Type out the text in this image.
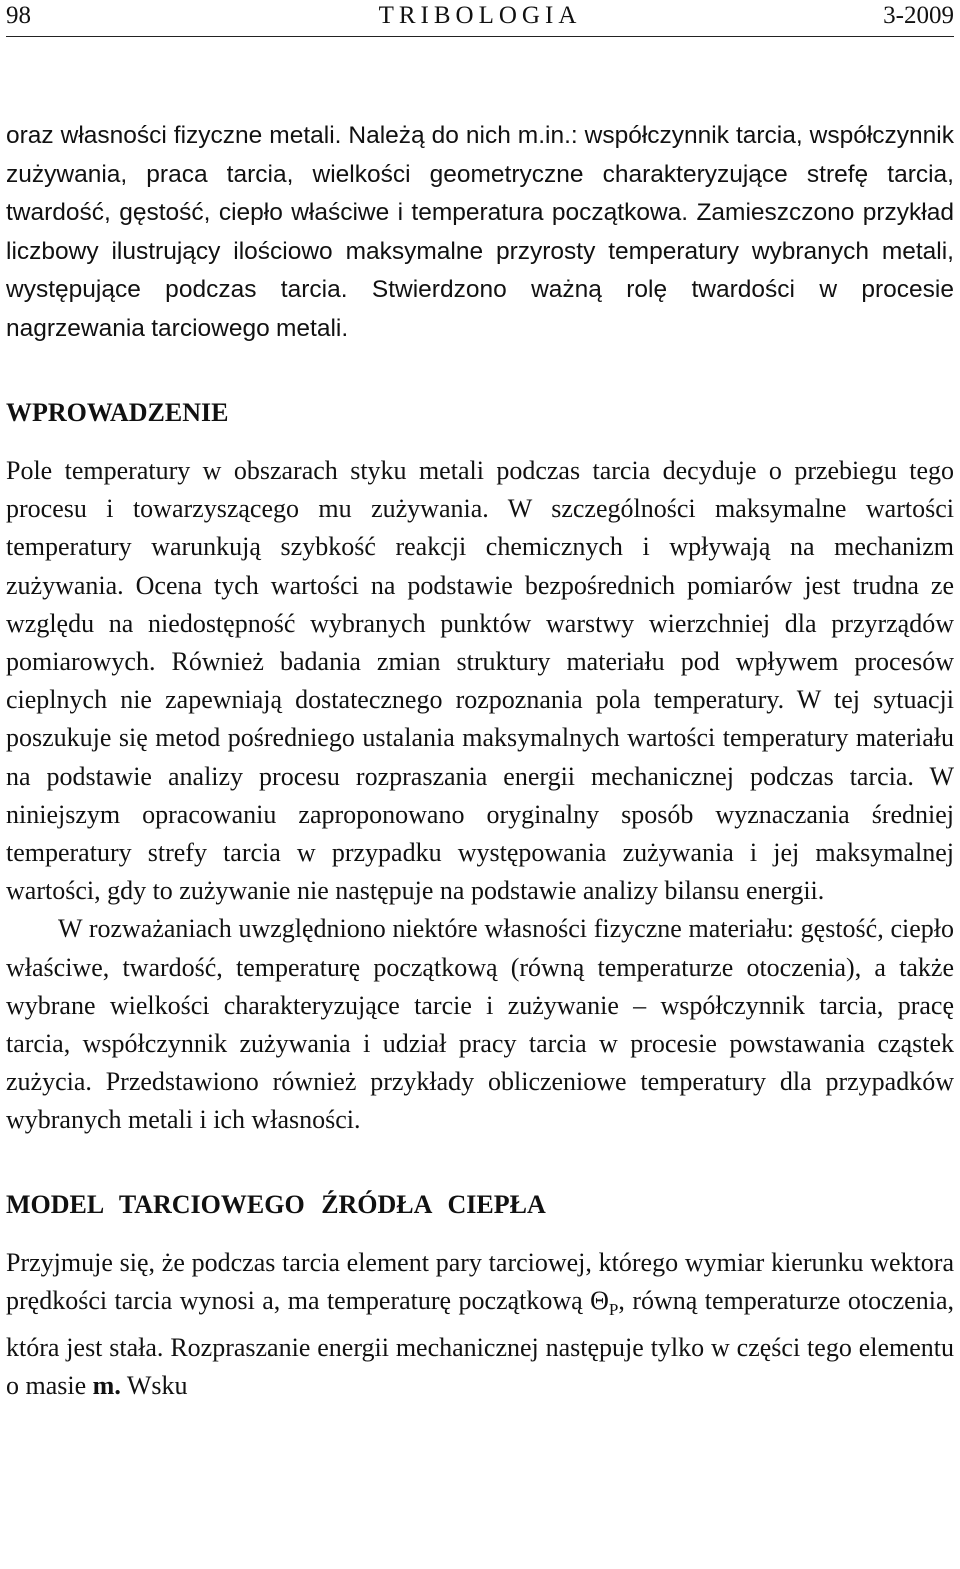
98	TRIBOLOGIA	3-2009
oraz własności fizyczne metali. Należą do nich m.in.: współczynnik tarcia, współczynnik zużywania, praca tarcia, wielkości geometryczne charakteryzujące strefę tarcia, twardość, gęstość, ciepło właściwe i temperatura początkowa. Zamieszczono przykład liczbowy ilustrujący ilościowo maksymalne przyrosty temperatury wybranych metali, występujące podczas tarcia. Stwierdzono ważną rolę twardości w procesie nagrzewania tarciowego metali.
WPROWADZENIE

Pole temperatury w obszarach styku metali podczas tarcia decyduje o przebiegu tego procesu i towarzyszącego mu zużywania. W szczególności maksymalne wartości temperatury warunkują szybkość reakcji chemicznych i wpływają na mechanizm zużywania. Ocena tych wartości na podstawie bezpośrednich pomiarów jest trudna ze względu na niedostępność wybranych punktów warstwy wierzchniej dla przyrządów pomiarowych. Również badania zmian struktury materiału pod wpływem procesów cieplnych nie zapewniają dostatecznego rozpoznania pola temperatury. W tej sytuacji poszukuje się metod pośredniego ustalania maksymalnych wartości temperatury materiału na podstawie analizy procesu rozpraszania energii mechanicznej podczas tarcia. W niniejszym opracowaniu zaproponowano oryginalny sposób wyznaczania średniej temperatury strefy tarcia w przypadku występowania zużywania i jej maksymalnej wartości, gdy to zużywanie nie następuje na podstawie analizy bilansu energii.

W rozważaniach uwzględniono niektóre własności fizyczne materiału: gęstość, ciepło właściwe, twardość, temperaturę początkową (równą temperaturze otoczenia), a także wybrane wielkości charakteryzujące tarcie i zużywanie – współczynnik tarcia, pracę tarcia, współczynnik zużywania i udział pracy tarcia w procesie powstawania cząstek zużycia. Przedstawiono również przykłady obliczeniowe temperatury dla przypadków wybranych metali i ich własności.

MODEL TARCIOWEGO ŹRÓDŁA CIEPŁA

Przyjmuje się, że podczas tarcia element pary tarciowej, którego wymiar kierunku wektora prędkości tarcia wynosi a, ma temperaturę początkową $\Theta_P$, równą temperaturze otoczenia, która jest stała. Rozpraszanie energii mechanicznej następuje tylko w części tego elementu o masie m. Wsku
